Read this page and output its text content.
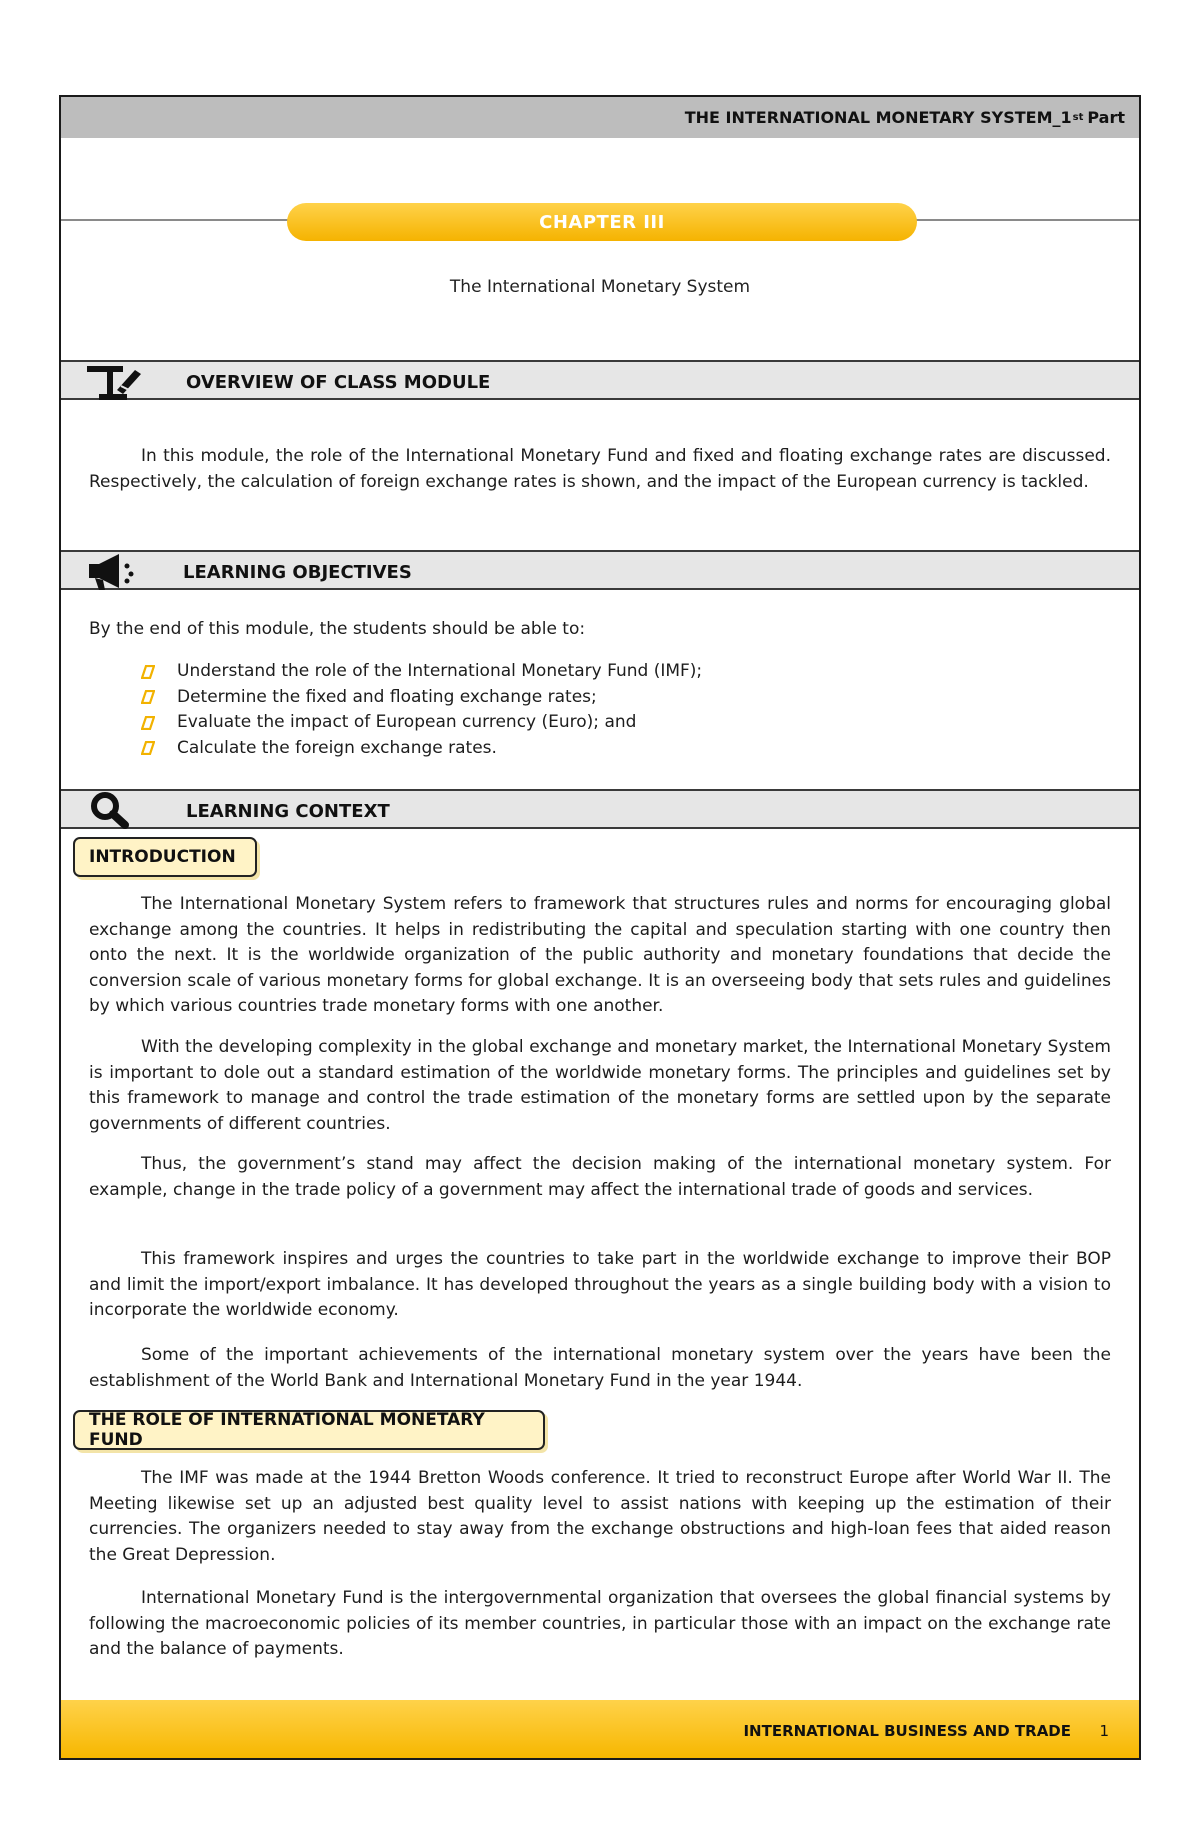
THE INTERNATIONAL MONETARY SYSTEM_1 st Part
CHAPTER III
The International Monetary System
OVERVIEW OF CLASS MODULE
In this module, the role of the International Monetary Fund and fixed and floating exchange rates are discussed. Respectively, the calculation of foreign exchange rates is shown, and the impact of the European currency is tackled.
LEARNING OBJECTIVES
By the end of this module, the students should be able to:
Understand the role of the International Monetary Fund (IMF);
Determine the fixed and floating exchange rates;
Evaluate the impact of European currency (Euro); and
Calculate the foreign exchange rates.
LEARNING CONTEXT
INTRODUCTION
The International Monetary System refers to framework that structures rules and norms for encouraging global exchange among the countries. It helps in redistributing the capital and speculation starting with one country then onto the next. It is the worldwide organization of the public authority and monetary foundations that decide the conversion scale of various monetary forms for global exchange. It is an overseeing body that sets rules and guidelines by which various countries trade monetary forms with one another.
With the developing complexity in the global exchange and monetary market, the International Monetary System is important to dole out a standard estimation of the worldwide monetary forms. The principles and guidelines set by this framework to manage and control the trade estimation of the monetary forms are settled upon by the separate governments of different countries.
Thus, the government’s stand may affect the decision making of the international monetary system. For example, change in the trade policy of a government may affect the international trade of goods and services.
This framework inspires and urges the countries to take part in the worldwide exchange to improve their BOP and limit the import/export imbalance. It has developed throughout the years as a single building body with a vision to incorporate the worldwide economy.
Some of the important achievements of the international monetary system over the years have been the establishment of the World Bank and International Monetary Fund in the year 1944.
THE ROLE OF INTERNATIONAL MONETARY FUND
The IMF was made at the 1944 Bretton Woods conference. It tried to reconstruct Europe after World War II. The Meeting likewise set up an adjusted best quality level to assist nations with keeping up the estimation of their currencies. The organizers needed to stay away from the exchange obstructions and high-loan fees that aided reason the Great Depression.
International Monetary Fund is the intergovernmental organization that oversees the global financial systems by following the macroeconomic policies of its member countries, in particular those with an impact on the exchange rate and the balance of payments.
INTERNATIONAL BUSINESS AND TRADE 1
